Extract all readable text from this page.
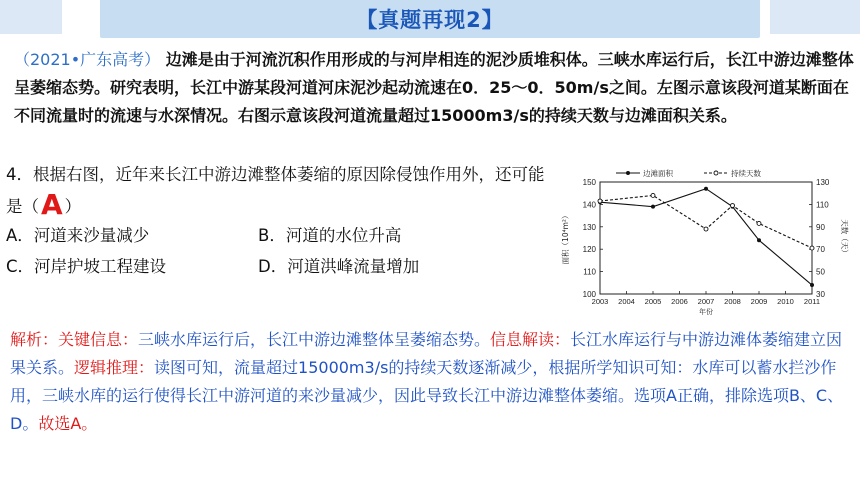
【真题再现2】
（2021•广东高考） 边滩是由于河流沉积作用形成的与河岸相连的泥沙质堆积体。三峡水库运行后，长江中游边滩整体呈萎缩态势。研究表明，长江中游某段河道河床泥沙起动流速在0．25～0．50m/s之间。左图示意该段河道某断面在不同流量时的流速与水深情况。右图示意该段河道流量超过15000m3/s的持续天数与边滩面积关系。
4．根据右图，近年来长江中游边滩整体萎缩的原因除侵蚀作用外，还可能是（A ）
A．河道来沙量减少	B．河道的水位升高
C．河岸护坡工程建设	D．河道洪峰流量增加
100
110
120
130
140
150
30
50
70
90
110
130
2003 2004 2005 2006 2007 2008 2009 2010 2011
年份
面积（10⁴m²）	天数（天）
边滩面积	持续天数
解析：关键信息：三峡水库运行后，长江中游边滩整体呈萎缩态势。信息解读：长江水库运行与中游边滩体萎缩建立因果关系。逻辑推理：读图可知，流量超过15000m3/s的持续天数逐渐减少，根据所学知识可知：水库可以蓄水拦沙作用，三峡水库的运行使得长江中游河道的来沙量减少，因此导致长江中游边滩整体萎缩。选项A正确，排除选项B、C、D。故选A。
